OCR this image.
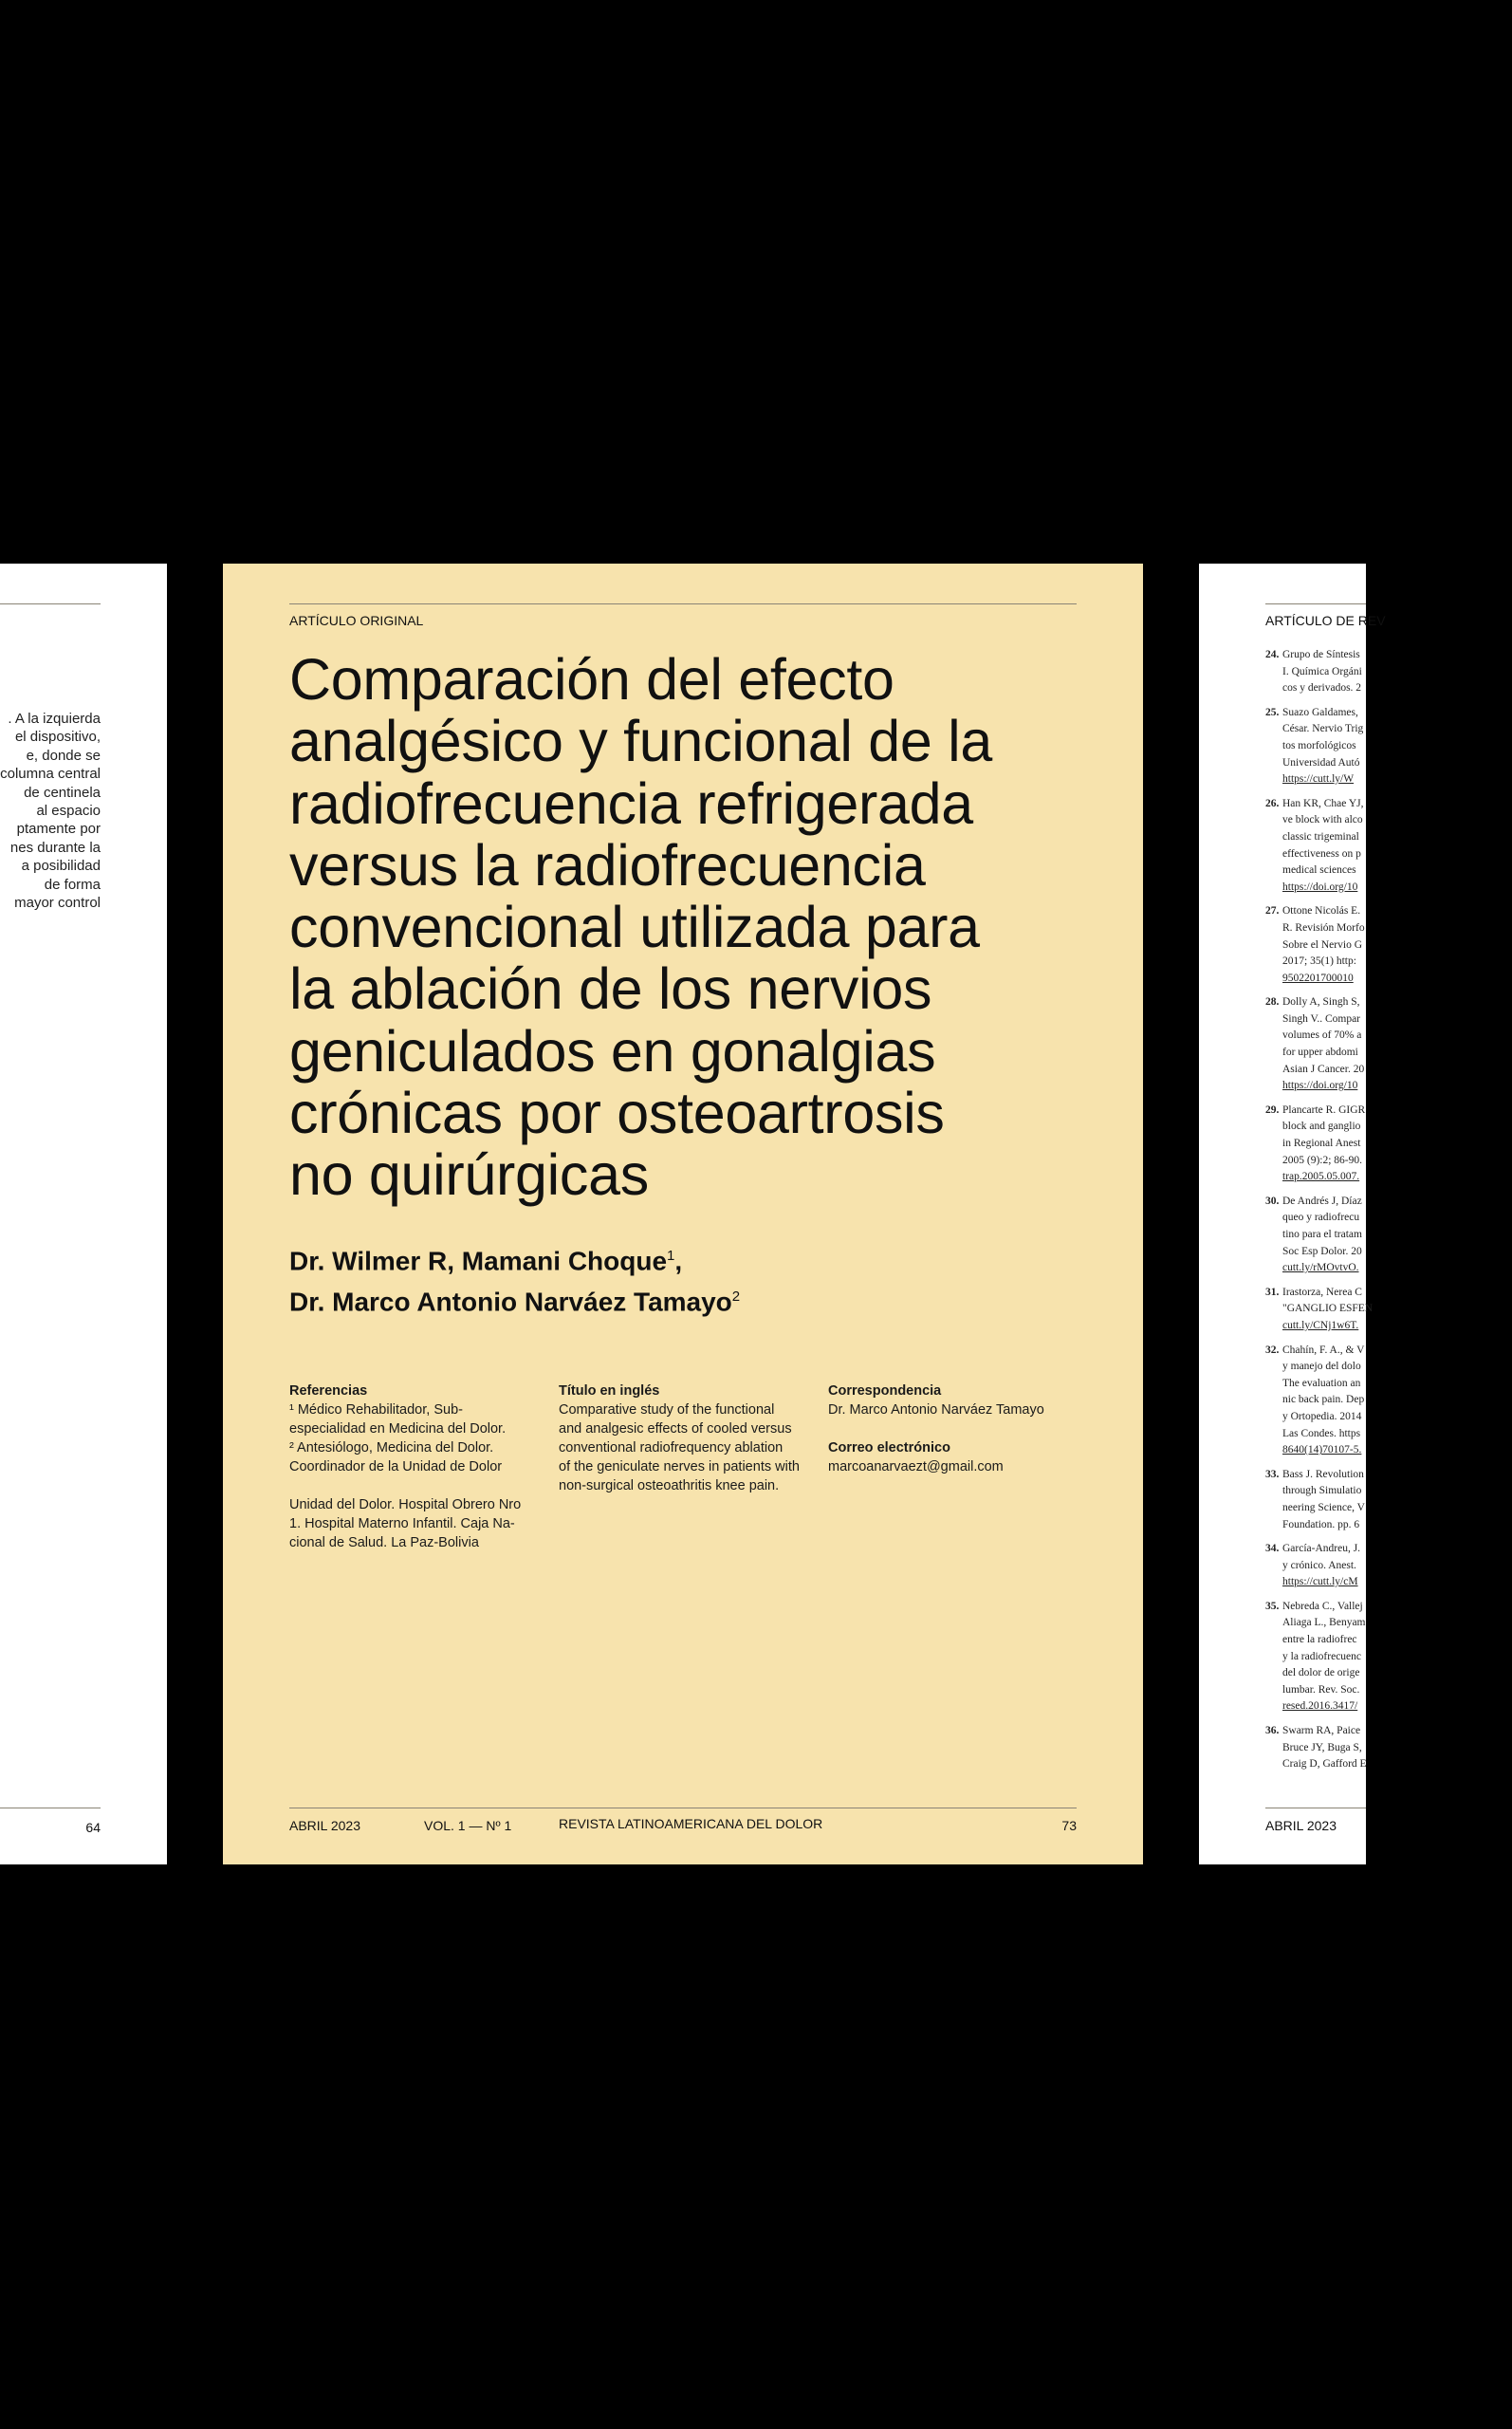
. A la izquierda
el dispositivo,
e, donde se
columna central
de centinela
al espacio
ptamente por
nes durante la
a posibilidad
de forma
mayor control
64
ARTÍCULO ORIGINAL
Comparación del efecto
analgésico y funcional de la
radiofrecuencia refrigerada
versus la radiofrecuencia
convencional utilizada para
la ablación de los nervios
geniculados en gonalgias
crónicas por osteoartrosis
no quirúrgicas
Dr. Wilmer R, Mamani Choque$^1$,
Dr. Marco Antonio Narváez Tamayo$^2$
Referencias
¹ Médico Rehabilitador, Sub-
especialidad en Medicina del Dolor.
² Antesiólogo, Medicina del Dolor.
Coordinador de la Unidad de Dolor
Unidad del Dolor. Hospital Obrero Nro
1. Hospital Materno Infantil. Caja Na-
cional de Salud. La Paz-Bolivia
Título en inglés
Comparative study of the functional
and analgesic effects of cooled versus
conventional radiofrequency ablation
of the geniculate nerves in patients with
non-surgical osteoathritis knee pain.
Correspondencia

Dr. Marco Antonio Narváez Tamayo

Correo electrónico

marcoanarvaezt@gmail.com

ABRIL 2023	VOL. 1 — Nº 1	REVISTA LATINOAMERICANA DEL DOLOR	73
ARTÍCULO DE REV
24. Grupo de Síntesis
I. Química Orgáni
cos y derivados. 2
25. Suazo Galdames,
César. Nervio Trig
tos morfológicos
Universidad Autó
https://cutt.ly/W
26. Han KR, Chae YJ,
ve block with alco
classic trigeminal
effectiveness on p
medical sciences
https://doi.org/10
27. Ottone Nicolás E.
R. Revisión Morfo
Sobre el Nervio G
2017; 35(1) http:
9502201700010
28. Dolly A, Singh S,
Singh V.. Compar
volumes of 70% a
for upper abdomi
Asian J Cancer. 20
https://doi.org/10
29. Plancarte R. GIGR
block and ganglio
in Regional Anest
2005 (9):2; 86-90.
trap.2005.05.007.
30. De Andrés J, Díaz
queo y radiofrecu
tino para el tratam
Soc Esp Dolor. 20
cutt.ly/rMOvtvO.
31. Irastorza, Nerea C
"GANGLIO ESFEN
cutt.ly/CNj1w6T.
32. Chahín, F. A., & V
y manejo del dolo
The evaluation an
nic back pain. Dep
y Ortopedia. 2014
Las Condes. https
8640(14)70107-5.
33. Bass J. Revolution
through Simulatio
neering Science, V
Foundation. pp. 6
34. García-Andreu, J.
y crónico. Anest.
https://cutt.ly/cM
35. Nebreda C., Vallej
Aliaga L., Benyam
entre la radiofrec
y la radiofrecuenc
del dolor de orige
lumbar. Rev. Soc.
resed.2016.3417/
36. Swarm RA, Paice
Bruce JY, Buga S,
Craig D, Gafford E
ABRIL 2023
